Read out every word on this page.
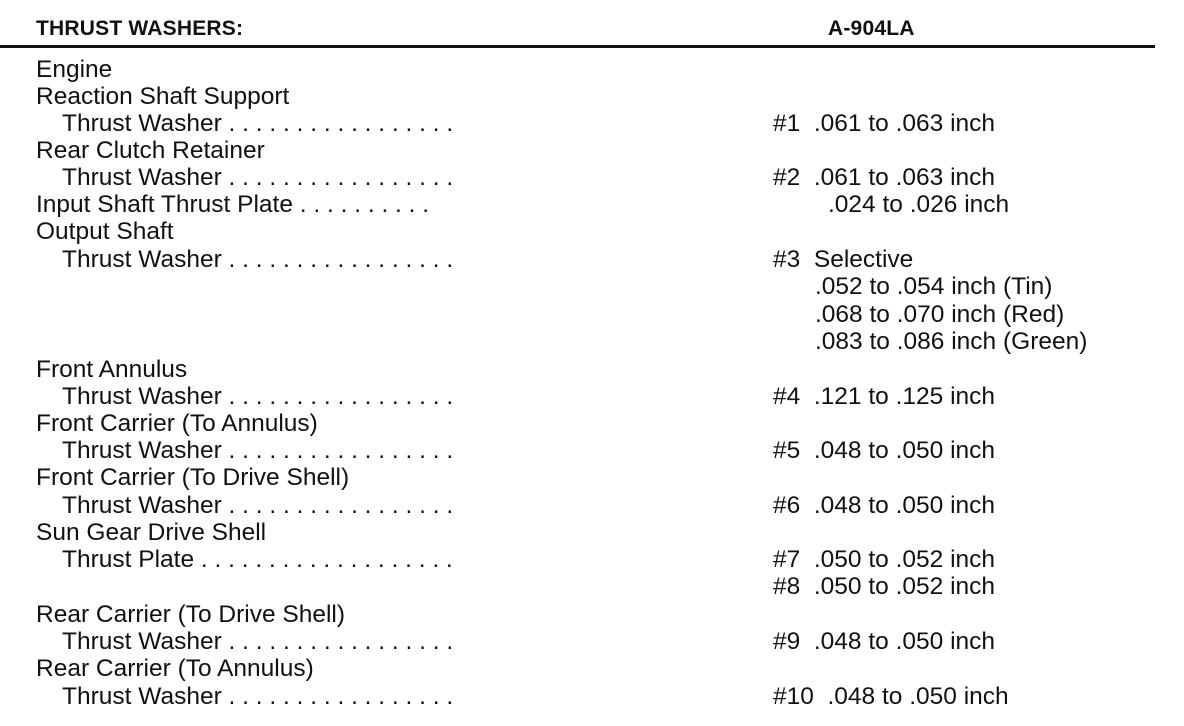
THRUST WASHERS:	A-904LA
Engine
Reaction Shaft Support
Thrust Washer . . . . . . . . . . . . . . . . .
Rear Clutch Retainer
Thrust Washer . . . . . . . . . . . . . . . . .
Input Shaft Thrust Plate . . . . . . . . . .
Output Shaft
Thrust Washer . . . . . . . . . . . . . . . . .
Front Annulus
Thrust Washer . . . . . . . . . . . . . . . . .
Front Carrier (To Annulus)
Thrust Washer . . . . . . . . . . . . . . . . .
Front Carrier (To Drive Shell)
Thrust Washer . . . . . . . . . . . . . . . . .
Sun Gear Drive Shell
Thrust Plate . . . . . . . . . . . . . . . . . . .
Rear Carrier (To Drive Shell)
Thrust Washer . . . . . . . . . . . . . . . . .
Rear Carrier (To Annulus)
Thrust Washer . . . . . . . . . . . . . . . . .
#1  .061 to .063 inch
#2  .061 to .063 inch
.024 to .026 inch
#3  Selective
.052 to .054 inch (Tin)
.068 to .070 inch (Red)
.083 to .086 inch (Green)
#4  .121 to .125 inch
#5  .048 to .050 inch
#6  .048 to .050 inch
#7  .050 to .052 inch
#8  .050 to .052 inch
#9  .048 to .050 inch
#10  .048 to .050 inch
